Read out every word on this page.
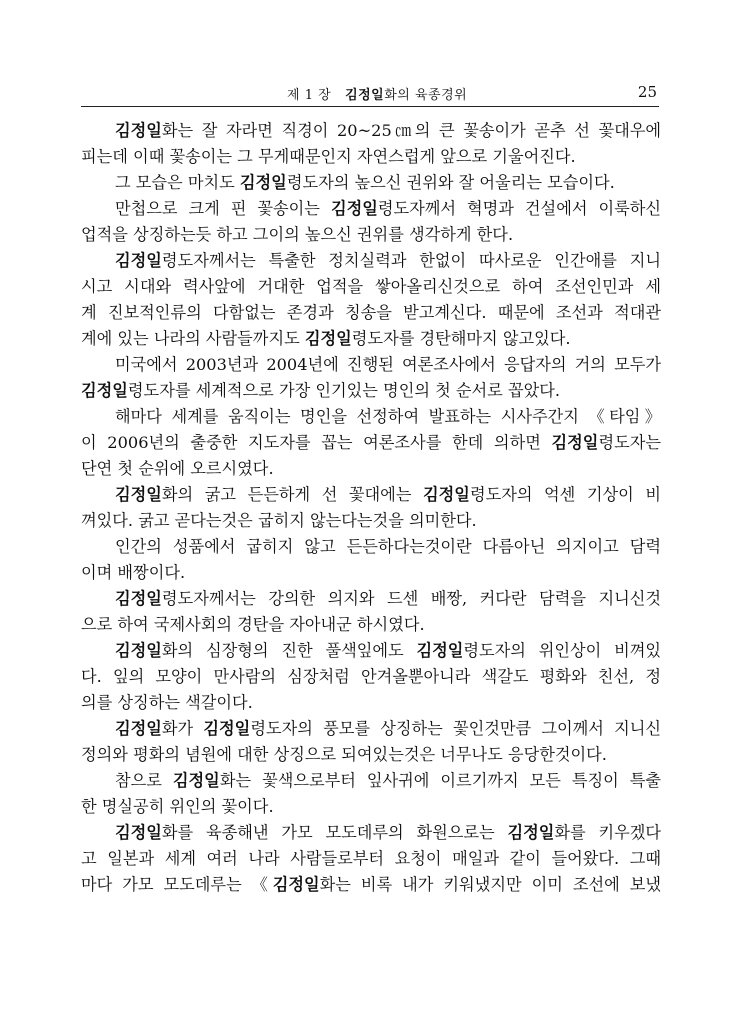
제 1 장 김정일화의 육종경위	25
김정일화는 잘 자라면 직경이 20~25㎝의 큰 꽃송이가 곧추 선 꽃대우에
피는데 이때 꽃송이는 그 무게때문인지 자연스럽게 앞으로 기울어진다.
그 모습은 마치도 김정일령도자의 높으신 권위와 잘 어울리는 모습이다.
만첩으로 크게 핀 꽃송이는 김정일령도자께서 혁명과 건설에서 이룩하신
업적을 상징하는듯 하고 그이의 높으신 권위를 생각하게 한다.
김정일령도자께서는 특출한 정치실력과 한없이 따사로운 인간애를 지니
시고 시대와 력사앞에 거대한 업적을 쌓아올리신것으로 하여 조선인민과 세
계 진보적인류의 다함없는 존경과 칭송을 받고계신다. 때문에 조선과 적대관
계에 있는 나라의 사람들까지도 김정일령도자를 경탄해마지 않고있다.
미국에서 2003년과 2004년에 진행된 여론조사에서 응답자의 거의 모두가
김정일령도자를 세계적으로 가장 인기있는 명인의 첫 순서로 꼽았다.
해마다 세계를 움직이는 명인을 선정하여 발표하는 시사주간지 《타임》
이 2006년의 출중한 지도자를 꼽는 여론조사를 한데 의하면 김정일령도자는
단연 첫 순위에 오르시였다.
김정일화의 굵고 든든하게 선 꽃대에는 김정일령도자의 억센 기상이 비
껴있다. 굵고 곧다는것은 굽히지 않는다는것을 의미한다.
인간의 성품에서 굽히지 않고 든든하다는것이란 다름아닌 의지이고 담력
이며 배짱이다.
김정일령도자께서는 강의한 의지와 드센 배짱, 커다란 담력을 지니신것
으로 하여 국제사회의 경탄을 자아내군 하시였다.
김정일화의 심장형의 진한 풀색잎에도 김정일령도자의 위인상이 비껴있
다. 잎의 모양이 만사람의 심장처럼 안겨올뿐아니라 색갈도 평화와 친선, 정
의를 상징하는 색갈이다.
김정일화가 김정일령도자의 풍모를 상징하는 꽃인것만큼 그이께서 지니신
정의와 평화의 념원에 대한 상징으로 되여있는것은 너무나도 응당한것이다.
참으로 김정일화는 꽃색으로부터 잎사귀에 이르기까지 모든 특징이 특출
한 명실공히 위인의 꽃이다.
김정일화를 육종해낸 가모 모도데루의 화원으로는 김정일화를 키우겠다
고 일본과 세계 여러 나라 사람들로부터 요청이 매일과 같이 들어왔다. 그때
마다 가모 모도데루는 《김정일화는 비록 내가 키워냈지만 이미 조선에 보냈
